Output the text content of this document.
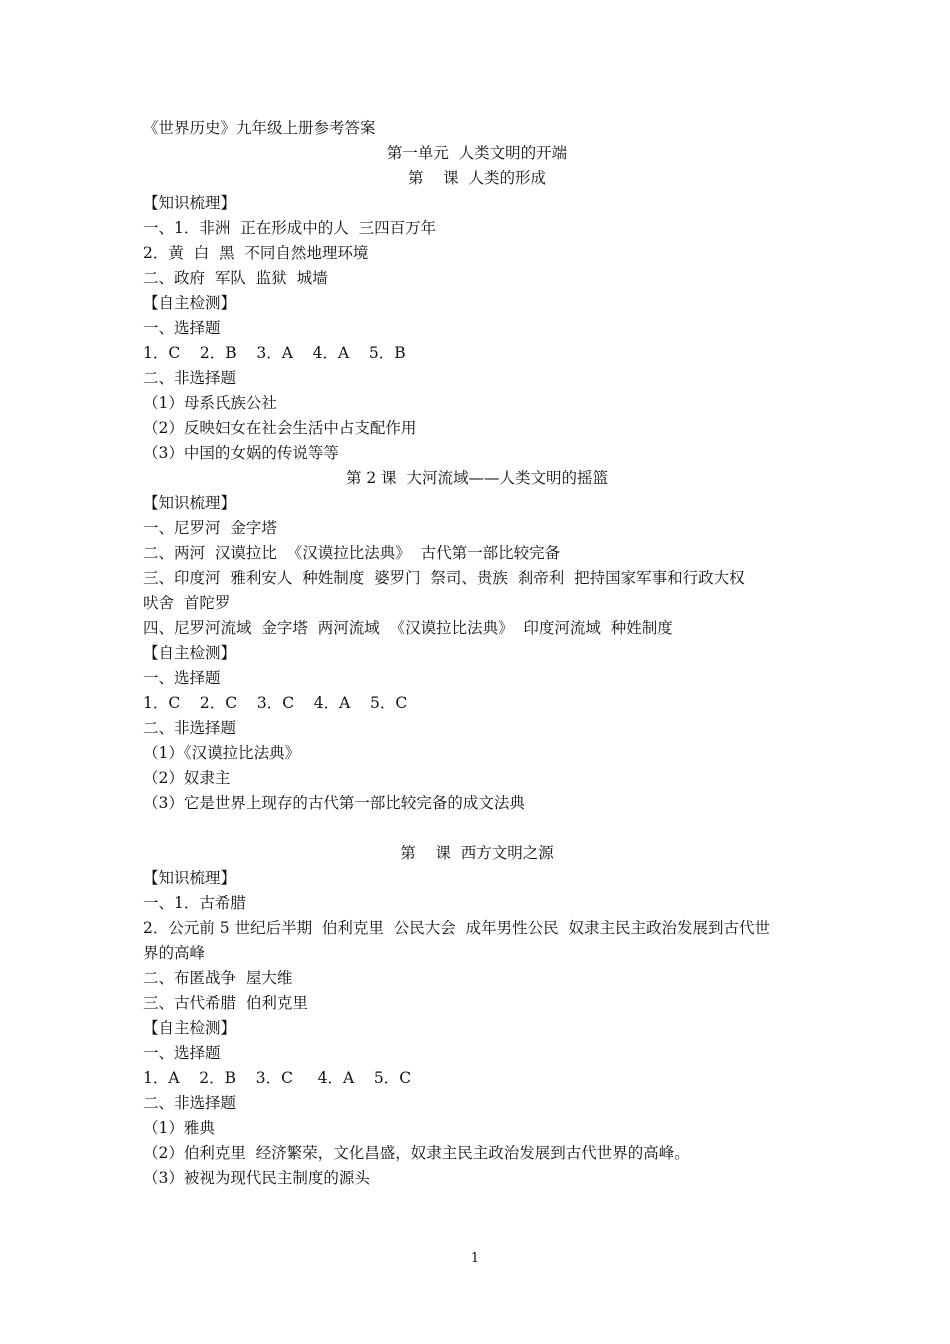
《世界历史》九年级上册参考答案
第一单元  人类文明的开端
第    课  人类的形成
【知识梳理】
一、1．非洲  正在形成中的人  三四百万年
2．黄  白  黑  不同自然地理环境
二、政府  军队  监狱  城墙
【自主检测】
一、选择题
1．C    2．B    3．A    4．A    5．B
二、非选择题
（1）母系氏族公社
（2）反映妇女在社会生活中占支配作用
（3）中国的女娲的传说等等
第 2 课  大河流域——人类文明的摇篮
【知识梳理】
一、尼罗河  金字塔
二、两河  汉谟拉比  《汉谟拉比法典》  古代第一部比较完备
三、印度河  雅利安人  种姓制度  婆罗门  祭司、贵族  刹帝利  把持国家军事和行政大权
吠舍  首陀罗
四、尼罗河流域  金字塔  两河流域  《汉谟拉比法典》  印度河流域  种姓制度
【自主检测】
一、选择题
1．C    2．C    3．C    4．A    5．C
二、非选择题
（1）《汉谟拉比法典》
（2）奴隶主
（3）它是世界上现存的古代第一部比较完备的成文法典
第    课  西方文明之源
【知识梳理】
一、1．古希腊
2．公元前 5 世纪后半期  伯利克里  公民大会  成年男性公民  奴隶主民主政治发展到古代世
界的高峰
二、布匿战争  屋大维
三、古代希腊  伯利克里
【自主检测】
一、选择题
1．A    2．B    3．C     4．A    5．C
二、非选择题
（1）雅典
（2）伯利克里  经济繁荣，文化昌盛，奴隶主民主政治发展到古代世界的高峰。
（3）被视为现代民主制度的源头
1
